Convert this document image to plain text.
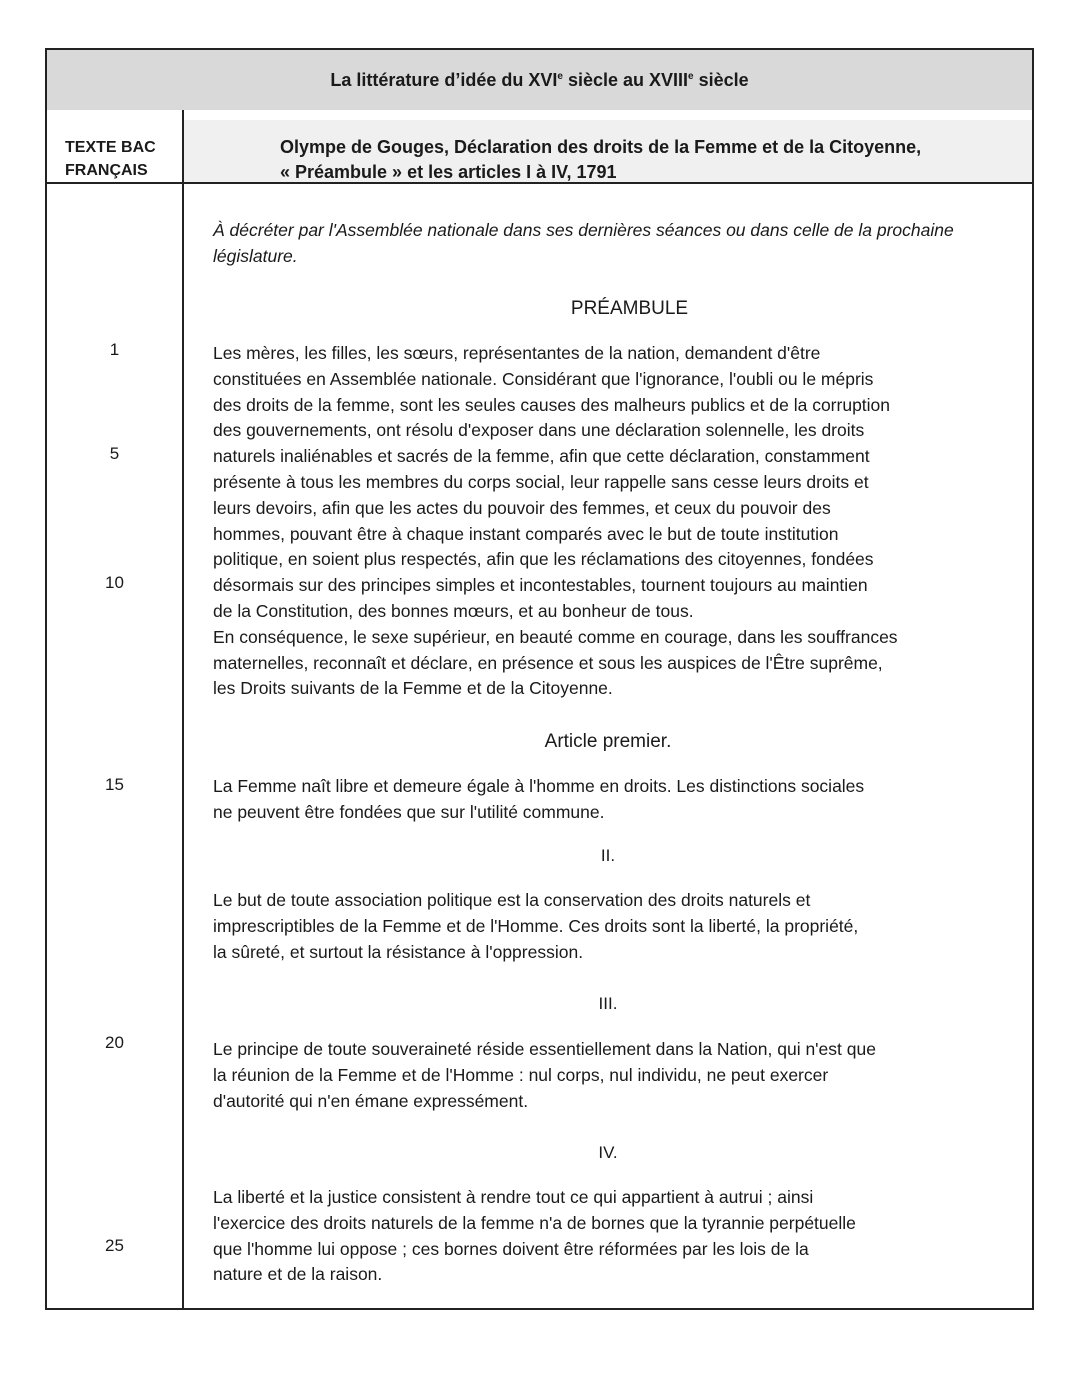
La littérature d’idée du XVIe siècle au XVIIIe siècle
TEXTE BAC
FRANÇAIS
Olympe de Gouges, Déclaration des droits de la Femme et de la Citoyenne,
« Préambule » et les articles I à IV, 1791
1
5
10
15
20
25
À décréter par l'Assemblée nationale dans ses dernières séances ou dans celle de la prochaine
législature.
PRÉAMBULE
Les mères, les filles, les sœurs, représentantes de la nation, demandent d'être
constituées en Assemblée nationale. Considérant que l'ignorance, l'oubli ou le mépris
des droits de la femme, sont les seules causes des malheurs publics et de la corruption
des gouvernements, ont résolu d'exposer dans une déclaration solennelle, les droits
naturels inaliénables et sacrés de la femme, afin que cette déclaration, constamment
présente à tous les membres du corps social, leur rappelle sans cesse leurs droits et
leurs devoirs, afin que les actes du pouvoir des femmes, et ceux du pouvoir des
hommes, pouvant être à chaque instant comparés avec le but de toute institution
politique, en soient plus respectés, afin que les réclamations des citoyennes, fondées
désormais sur des principes simples et incontestables, tournent toujours au maintien
de la Constitution, des bonnes mœurs, et au bonheur de tous.
En conséquence, le sexe supérieur, en beauté comme en courage, dans les souffrances
maternelles, reconnaît et déclare, en présence et sous les auspices de l'Être suprême,
les Droits suivants de la Femme et de la Citoyenne.
Article premier.
La Femme naît libre et demeure égale à l'homme en droits. Les distinctions sociales
ne peuvent être fondées que sur l'utilité commune.
II.
Le but de toute association politique est la conservation des droits naturels et
imprescriptibles de la Femme et de l'Homme. Ces droits sont la liberté, la propriété,
la sûreté, et surtout la résistance à l'oppression.
III.
Le principe de toute souveraineté réside essentiellement dans la Nation, qui n'est que
la réunion de la Femme et de l'Homme : nul corps, nul individu, ne peut exercer
d'autorité qui n'en émane expressément.
IV.
La liberté et la justice consistent à rendre tout ce qui appartient à autrui ; ainsi
l'exercice des droits naturels de la femme n'a de bornes que la tyrannie perpétuelle
que l'homme lui oppose ; ces bornes doivent être réformées par les lois de la
nature et de la raison.
